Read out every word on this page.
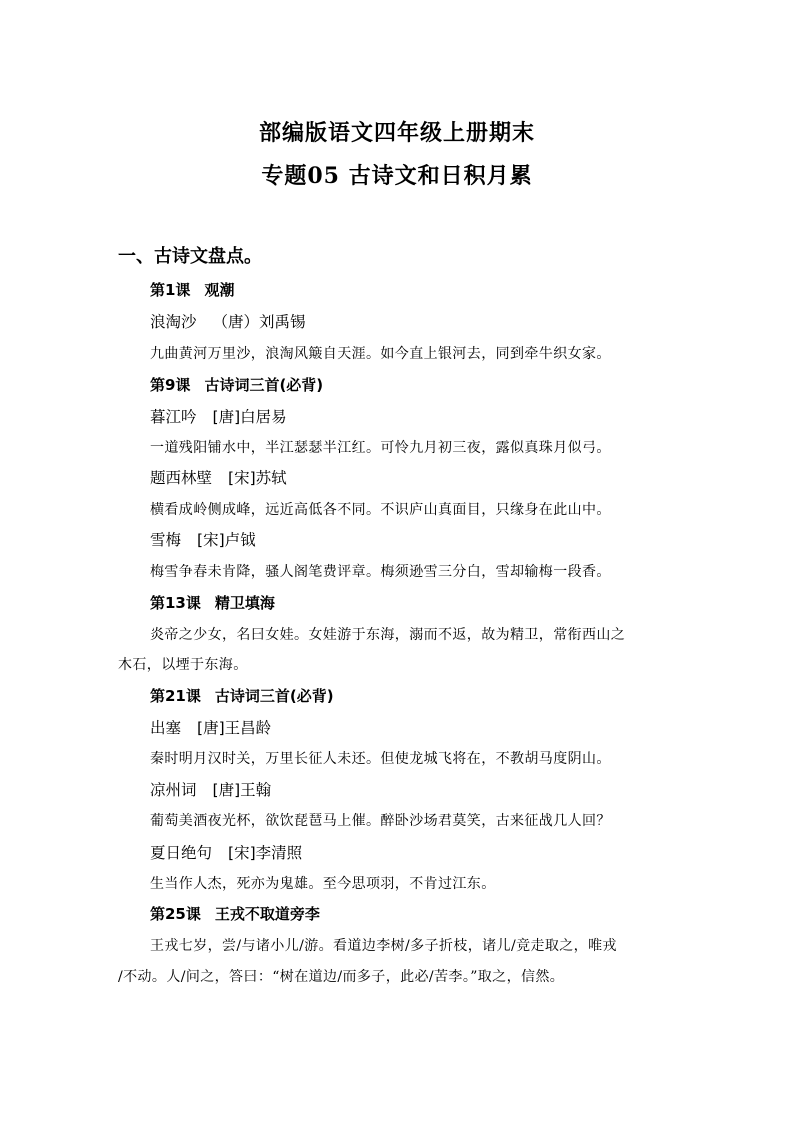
部编版语文四年级上册期末
专题05 古诗文和日积月累
一、古诗文盘点。
第1课 观潮
浪淘沙 （唐）刘禹锡
九曲黄河万里沙，浪淘风簸自天涯。如今直上银河去，同到牵牛织女家。
第9课 古诗词三首(必背)
暮江吟 [唐]白居易
一道残阳铺水中，半江瑟瑟半江红。可怜九月初三夜，露似真珠月似弓。
题西林壁 [宋]苏轼
横看成岭侧成峰，远近高低各不同。不识庐山真面目，只缘身在此山中。
雪梅 [宋]卢钺
梅雪争春未肯降，骚人阁笔费评章。梅须逊雪三分白，雪却输梅一段香。
第13课 精卫填海
炎帝之少女，名曰女娃。女娃游于东海，溺而不返，故为精卫，常衔西山之
木石，以堙于东海。
第21课 古诗词三首(必背)
出塞 [唐]王昌龄
秦时明月汉时关，万里长征人未还。但使龙城飞将在，不教胡马度阴山。
凉州词 [唐]王翰
葡萄美酒夜光杯，欲饮琵琶马上催。醉卧沙场君莫笑，古来征战几人回？
夏日绝句 [宋]李清照
生当作人杰，死亦为鬼雄。至今思项羽，不肯过江东。
第25课 王戎不取道旁李
王戎七岁，尝/与诸小儿/游。看道边李树/多子折枝，诸儿/竞走取之，唯戎
/不动。人/问之，答曰：“树在道边/而多子，此必/苦李。”取之，信然。
